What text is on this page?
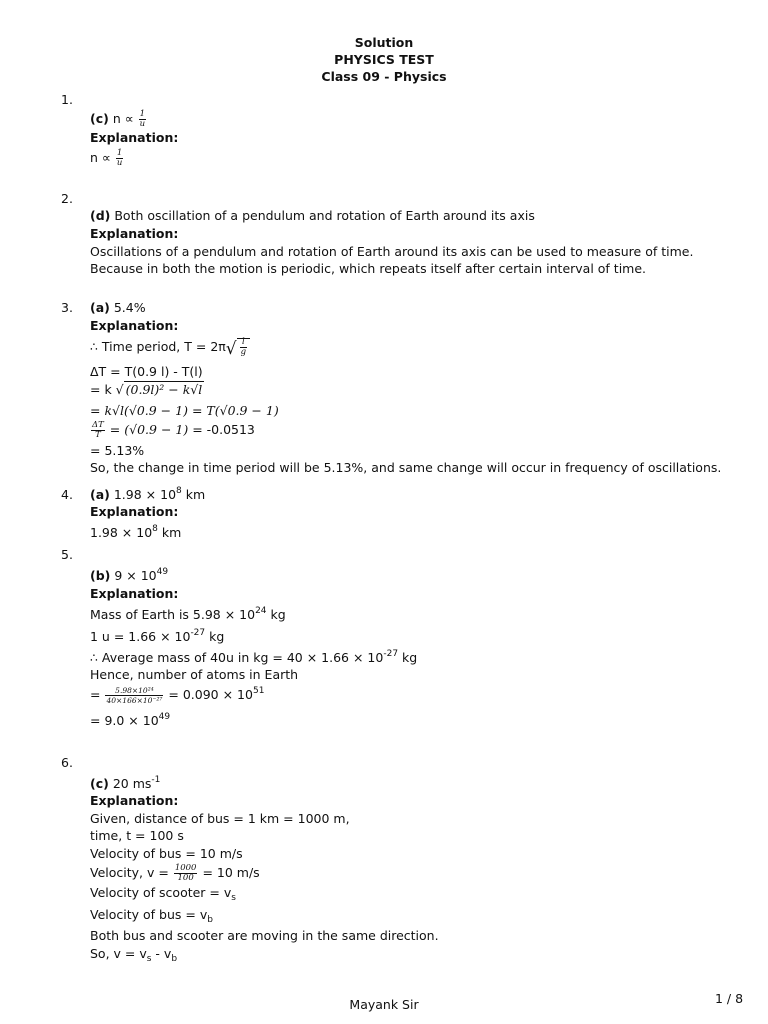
Solution
PHYSICS TEST
Class 09 - Physics
1.
(c) $n \propto \frac{1}{u}$
Explanation:
$n \propto \frac{1}{u}$
2.
(d) Both oscillation of a pendulum and rotation of Earth around its axis
Explanation:
Oscillations of a pendulum and rotation of Earth around its axis can be used to measure of time.
Because in both the motion is periodic, which repeats itself after certain interval of time.
3. (a) 5.4%
Explanation:
∴ Time period, $T = 2\pi√ \frac{l}{g}$
ΔT = T(0.9 l) - T(l)
= k √ (0.9l)² − k√l
= k√l(√0.9 − 1) = T(√0.9 − 1)
$\frac{\Delta T}{T} = (√0.9 - 1) = -0.0513$
= 5.13%
So, the change in time period will be 5.13%, and same change will occur in frequency of oscillations.
4. (a) $1.98 \times 10^8$ km
Explanation:
$1.98 \times 10^8$ km
5.
(b) $9 \times 10^{49}$
Explanation:
Mass of Earth is $5.98 \times 10^{24}$ kg
1 $u = 1.66 \times 10^{-27}$ kg
∴ Average mass of 40u in kg = $40 \times 1.66 \times 10^{-27}$ kg
Hence, number of atoms in Earth
= $\frac{\text{5.98×10²⁴}}{\text{40×166×10⁻²⁷}} = 0.090 \times 10^{51}$
= $9.0 \times 10^{49}$
6.
(c) 20 $ms^{-1}$
Explanation:
Given, distance of bus = 1 km = 1000 m,
time, t = 100 s
Velocity of bus = 10 m/s
Velocity, $v = \frac{1000}{100} = 10$ m/s
Velocity of scooter = $v_s$
Velocity of bus = $v_b$
Both bus and scooter are moving in the same direction.
So, $v = v_s - v_b$
Mayank Sir	1 / 8
